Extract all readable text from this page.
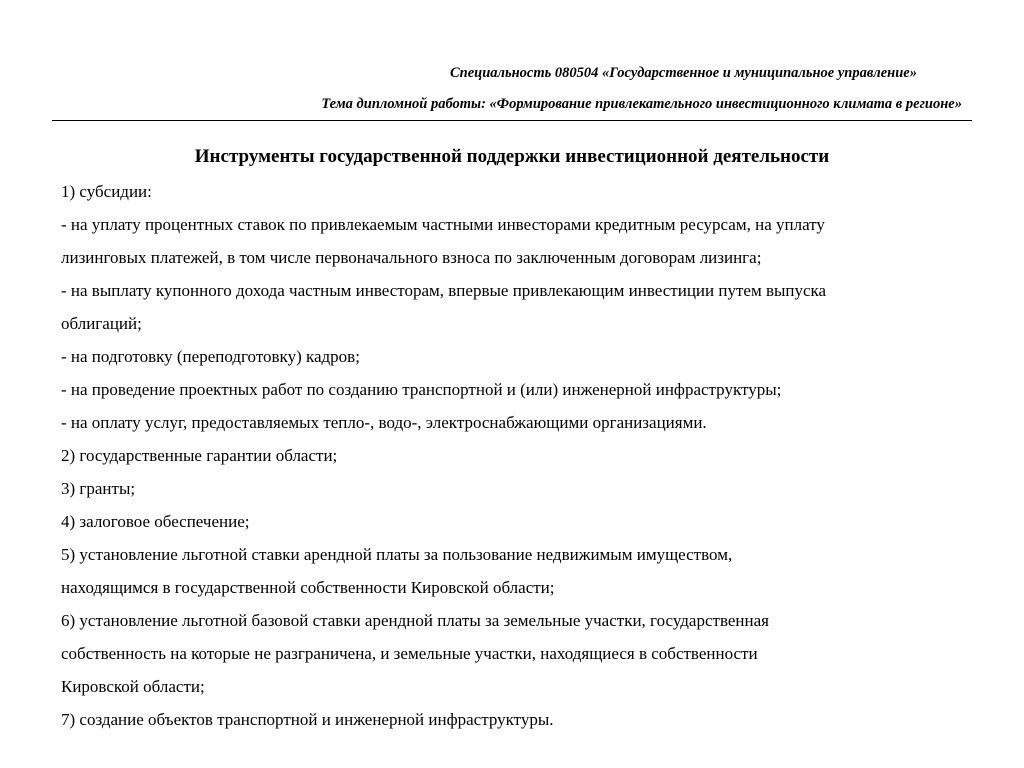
Специальность 080504 «Государственное и муниципальное управление»
Тема дипломной работы: «Формирование привлекательного инвестиционного климата в регионе»
Инструменты государственной поддержки инвестиционной деятельности

1) субсидии:

- на уплату процентных ставок по привлекаемым частными инвесторами кредитным ресурсам, на уплату

лизинговых платежей, в том числе первоначального взноса по заключенным договорам лизинга;

- на выплату купонного дохода частным инвесторам, впервые привлекающим инвестиции путем выпуска

облигаций;

- на подготовку (переподготовку) кадров;

- на проведение проектных работ по созданию транспортной и (или) инженерной инфраструктуры;

- на оплату услуг, предоставляемых тепло-, водо-, электроснабжающими организациями.

2) государственные гарантии области;

3) гранты;

4) залоговое обеспечение;

5) установление льготной ставки арендной платы за пользование недвижимым имуществом,

находящимся в государственной собственности Кировской области;

6) установление льготной базовой ставки арендной платы за земельные участки, государственная

собственность на которые не разграничена, и земельные участки, находящиеся в собственности

Кировской области;

7) создание объектов транспортной и инженерной инфраструктуры.
